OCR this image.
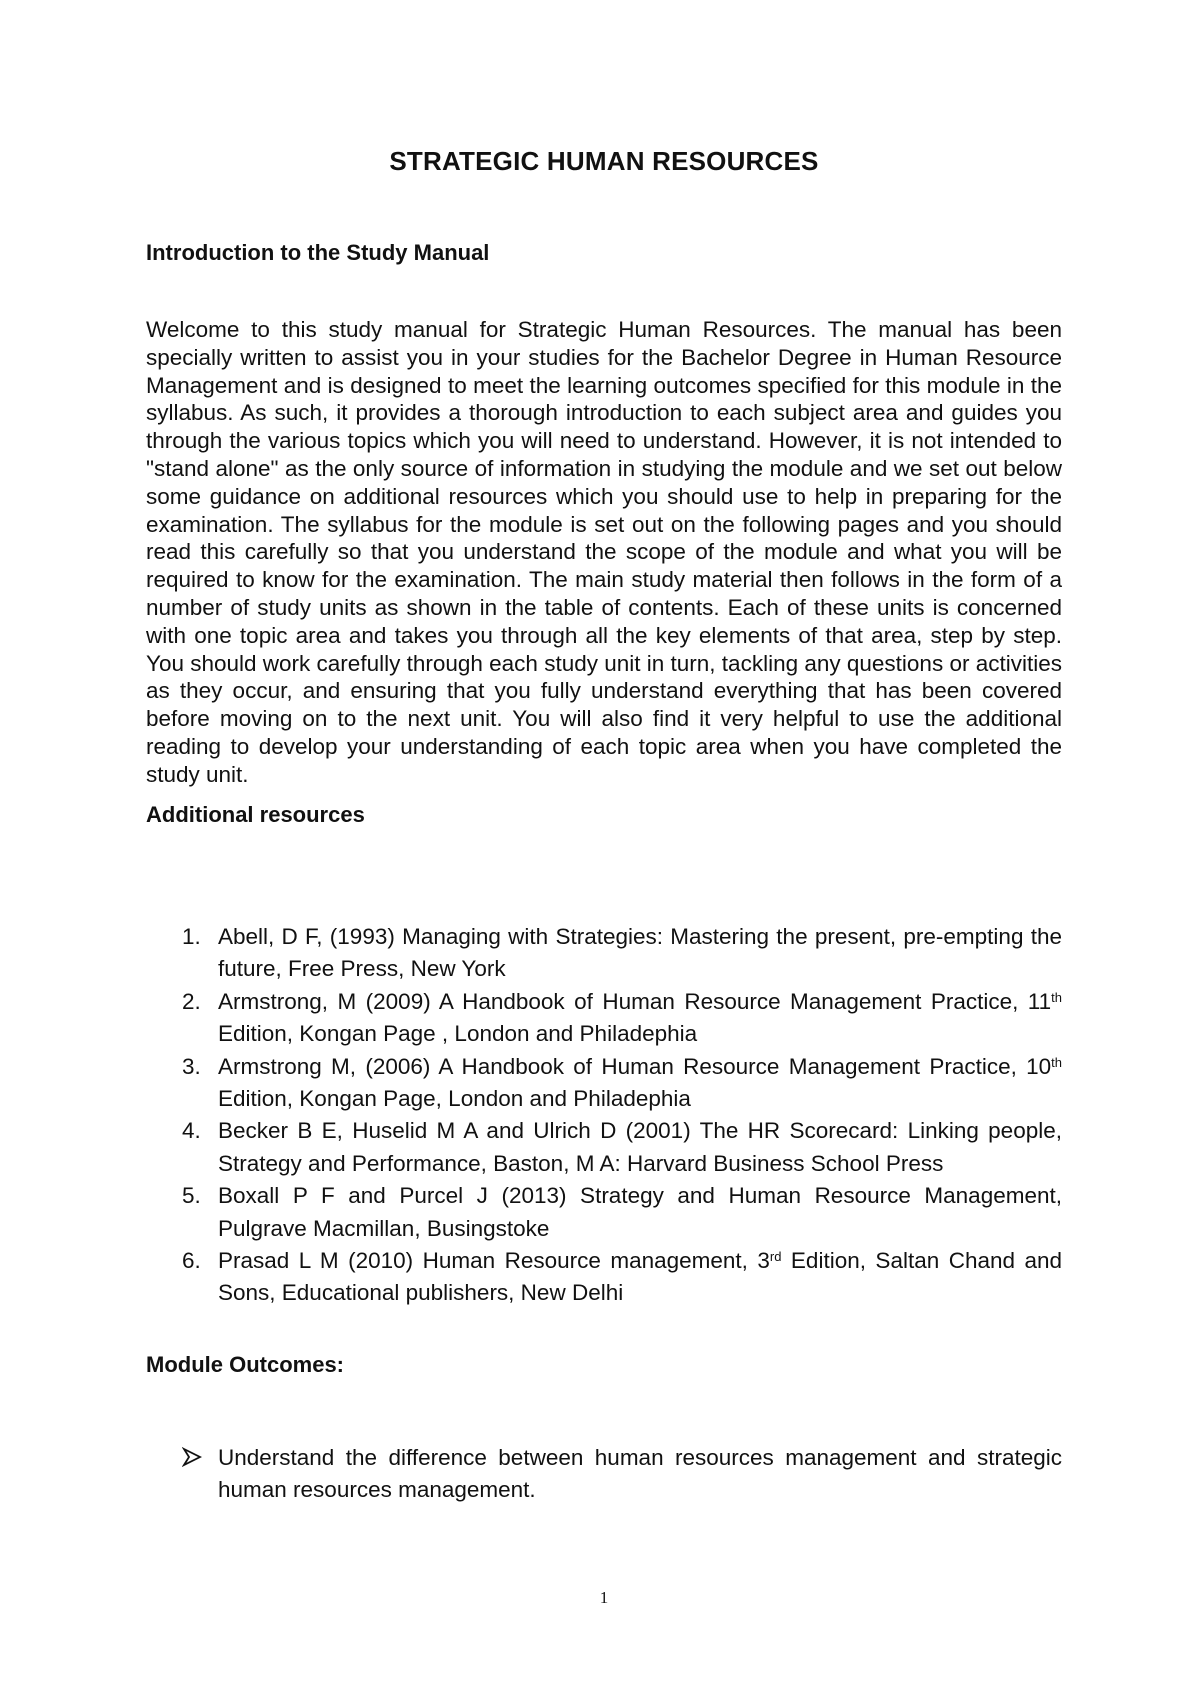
STRATEGIC HUMAN RESOURCES
Introduction to the Study Manual

Welcome to this study manual for Strategic Human Resources. The manual has been specially written to assist you in your studies for the Bachelor Degree in Human Resource Management and is designed to meet the learning outcomes specified for this module in the syllabus. As such, it provides a thorough introduction to each subject area and guides you through the various topics which you will need to understand. However, it is not intended to "stand alone" as the only source of information in studying the module and we set out below some guidance on additional resources which you should use to help in preparing for the examination. The syllabus for the module is set out on the following pages and you should read this carefully so that you understand the scope of the module and what you will be required to know for the examination. The main study material then follows in the form of a number of study units as shown in the table of contents. Each of these units is concerned with one topic area and takes you through all the key elements of that area, step by step. You should work carefully through each study unit in turn, tackling any questions or activities as they occur, and ensuring that you fully understand everything that has been covered before moving on to the next unit. You will also find it very helpful to use the additional reading to develop your understanding of each topic area when you have completed the study unit.

Additional resources
1. Abell, D F, (1993) Managing with Strategies: Mastering the present, pre-empting the future, Free Press, New York
2. Armstrong, M (2009) A Handbook of Human Resource Management Practice, 11th Edition, Kongan Page , London and Philadephia
3. Armstrong M, (2006) A Handbook of Human Resource Management Practice, 10th Edition, Kongan Page, London and Philadephia
4. Becker B E, Huselid M A and Ulrich D (2001) The HR Scorecard: Linking people, Strategy and Performance, Baston, M A: Harvard Business School Press
5. Boxall P F and Purcel J (2013) Strategy and Human Resource Management, Pulgrave Macmillan, Busingstoke
6. Prasad L M (2010) Human Resource management, 3rd Edition, Saltan Chand and Sons, Educational publishers, New Delhi
Module Outcomes:
Understand the difference between human resources management and strategic human resources management.
1
